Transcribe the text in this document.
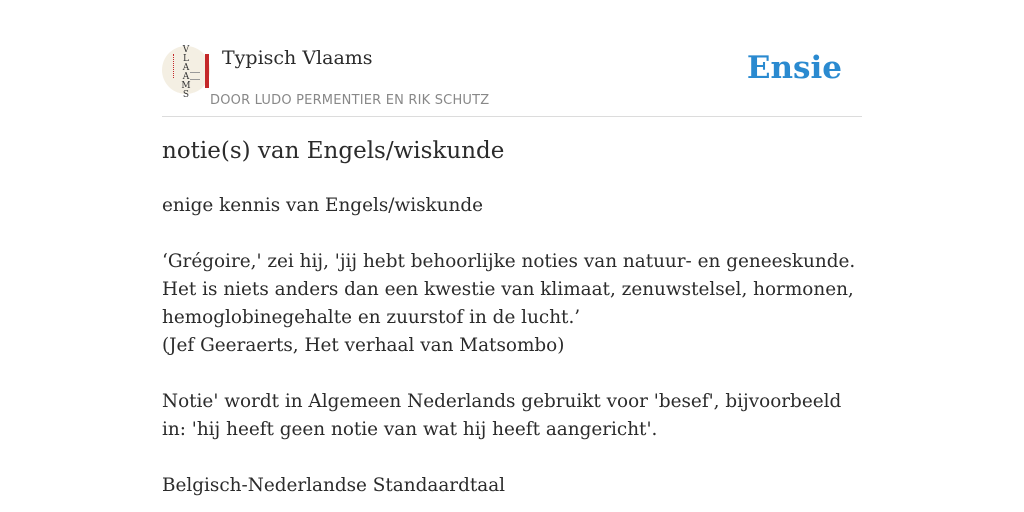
V
L
A
A
M
S
Typisch Vlaams
DOOR LUDO PERMENTIER EN RIK SCHUTZ
Ensie
notie(s) van Engels/wiskunde

enige kennis van Engels/wiskunde

‘Grégoire,' zei hij, 'jij hebt behoorlijke noties van natuur- en geneeskunde. Het is niets anders dan een kwestie van klimaat, zenuwstelsel, hormonen, hemoglobinegehalte en zuurstof in de lucht.’
(Jef Geeraerts, Het verhaal van Matsombo)

Notie' wordt in Algemeen Nederlands gebruikt voor 'besef', bijvoorbeeld in: 'hij heeft geen notie van wat hij heeft aangericht'.

Belgisch-Nederlandse Standaardtaal
